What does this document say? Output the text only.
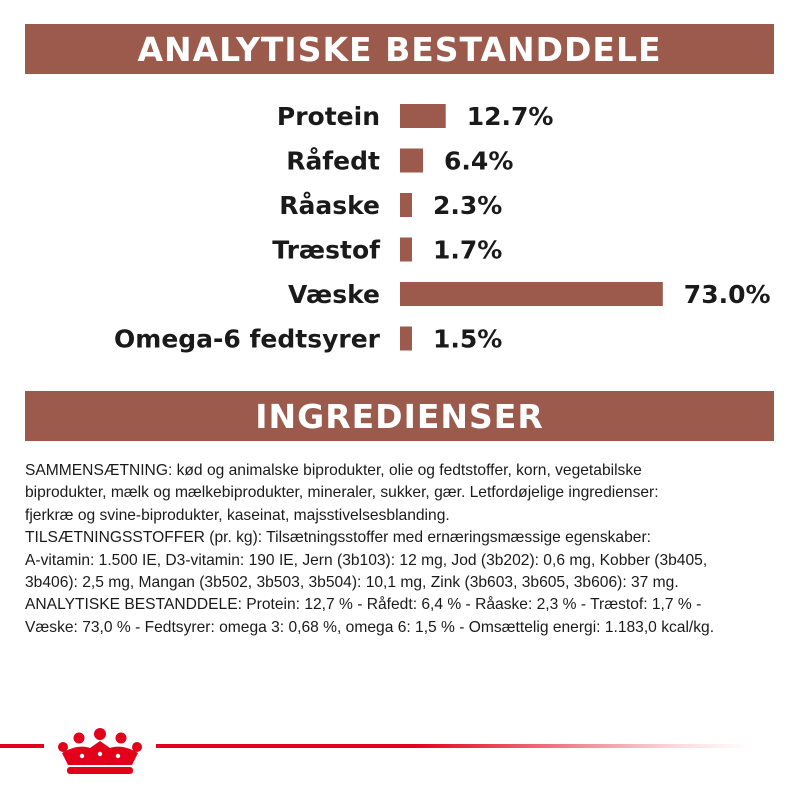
ANALYTISKE BESTANDDELE
Protein	12.7%
Råfedt	6.4%
Råaske 2.3%
Træstof 1.7%
Væske	73.0%
Omega-6 fedtsyrer 1.5%
INGREDIENSER

SAMMENSÆTNING: kød og animalske biprodukter, olie og fedtstoffer, korn, vegetabilske

biprodukter, mælk og mælkebiprodukter, mineraler, sukker, gær. Letfordøjelige ingredienser:

fjerkræ og svine-biprodukter, kaseinat, majsstivelsesblanding.

TILSÆTNINGSSTOFFER (pr. kg): Tilsætningsstoffer med ernæringsmæssige egenskaber:

A-vitamin: 1.500 IE, D3-vitamin: 190 IE, Jern (3b103): 12 mg, Jod (3b202): 0,6 mg, Kobber (3b405,

3b406): 2,5 mg, Mangan (3b502, 3b503, 3b504): 10,1 mg, Zink (3b603, 3b605, 3b606): 37 mg.

ANALYTISKE BESTANDDELE: Protein: 12,7 % - Råfedt: 6,4 % - Råaske: 2,3 % - Træstof: 1,7 % -

Væske: 73,0 % - Fedtsyrer: omega 3: 0,68 %, omega 6: 1,5 % - Omsættelig energi: 1.183,0 kcal/kg.
